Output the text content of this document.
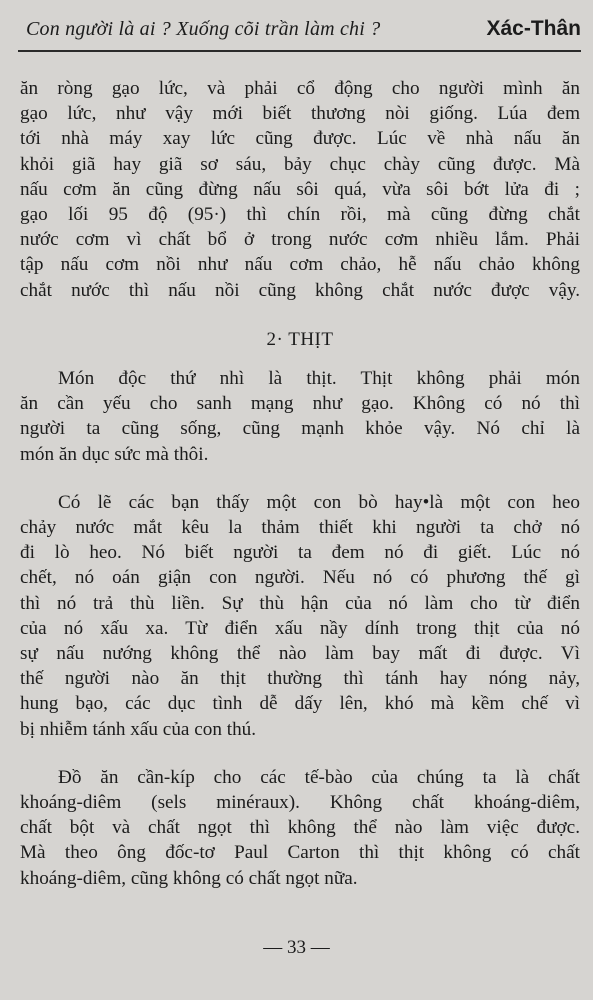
Con người là ai ? Xuống cõi trần làm chi ?	Xác-Thân
ăn ròng gạo lức, và phải cổ động cho người mình ăn
gạo lức, như vậy mới biết thương nòi giống. Lúa đem
tới nhà máy xay lức cũng được. Lúc về nhà nấu ăn
khỏi giã hay giã sơ sáu, bảy chục chày cũng được. Mà
nấu cơm ăn cũng đừng nấu sôi quá, vừa sôi bớt lửa đi ;
gạo lối 95 độ (95·) thì chín rồi, mà cũng đừng chắt
nước cơm vì chất bổ ở trong nước cơm nhiều lắm. Phải
tập nấu cơm nồi như nấu cơm chảo, hễ nấu chảo không
chắt nước thì nấu nồi cũng không chắt nước được vậy.
2· THỊT
Món độc thứ nhì là thịt. Thịt không phải món
ăn cần yếu cho sanh mạng như gạo. Không có nó thì
người ta cũng sống, cũng mạnh khỏe vậy. Nó chỉ là
món ăn dục sức mà thôi.
Có lẽ các bạn thấy một con bò hay•là một con heo
chảy nước mắt kêu la thảm thiết khi người ta chở nó
đi lò heo. Nó biết người ta đem nó đi giết. Lúc nó
chết, nó oán giận con người. Nếu nó có phương thế gì
thì nó trả thù liền. Sự thù hận của nó làm cho từ điển
của nó xấu xa. Từ điển xấu nầy dính trong thịt của nó
sự nấu nướng không thể nào làm bay mất đi được. Vì
thế người nào ăn thịt thường thì tánh hay nóng nảy,
hung bạo, các dục tình dễ dấy lên, khó mà kềm chế vì
bị nhiễm tánh xấu của con thú.
Đồ ăn cần-kíp cho các tế-bào của chúng ta là chất
khoáng-diêm (sels minéraux). Không chất khoáng-diêm,
chất bột và chất ngọt thì không thể nào làm việc được.
Mà theo ông đốc-tơ Paul Carton thì thịt không có chất
khoáng-diêm, cũng không có chất ngọt nữa.
— 33 —
